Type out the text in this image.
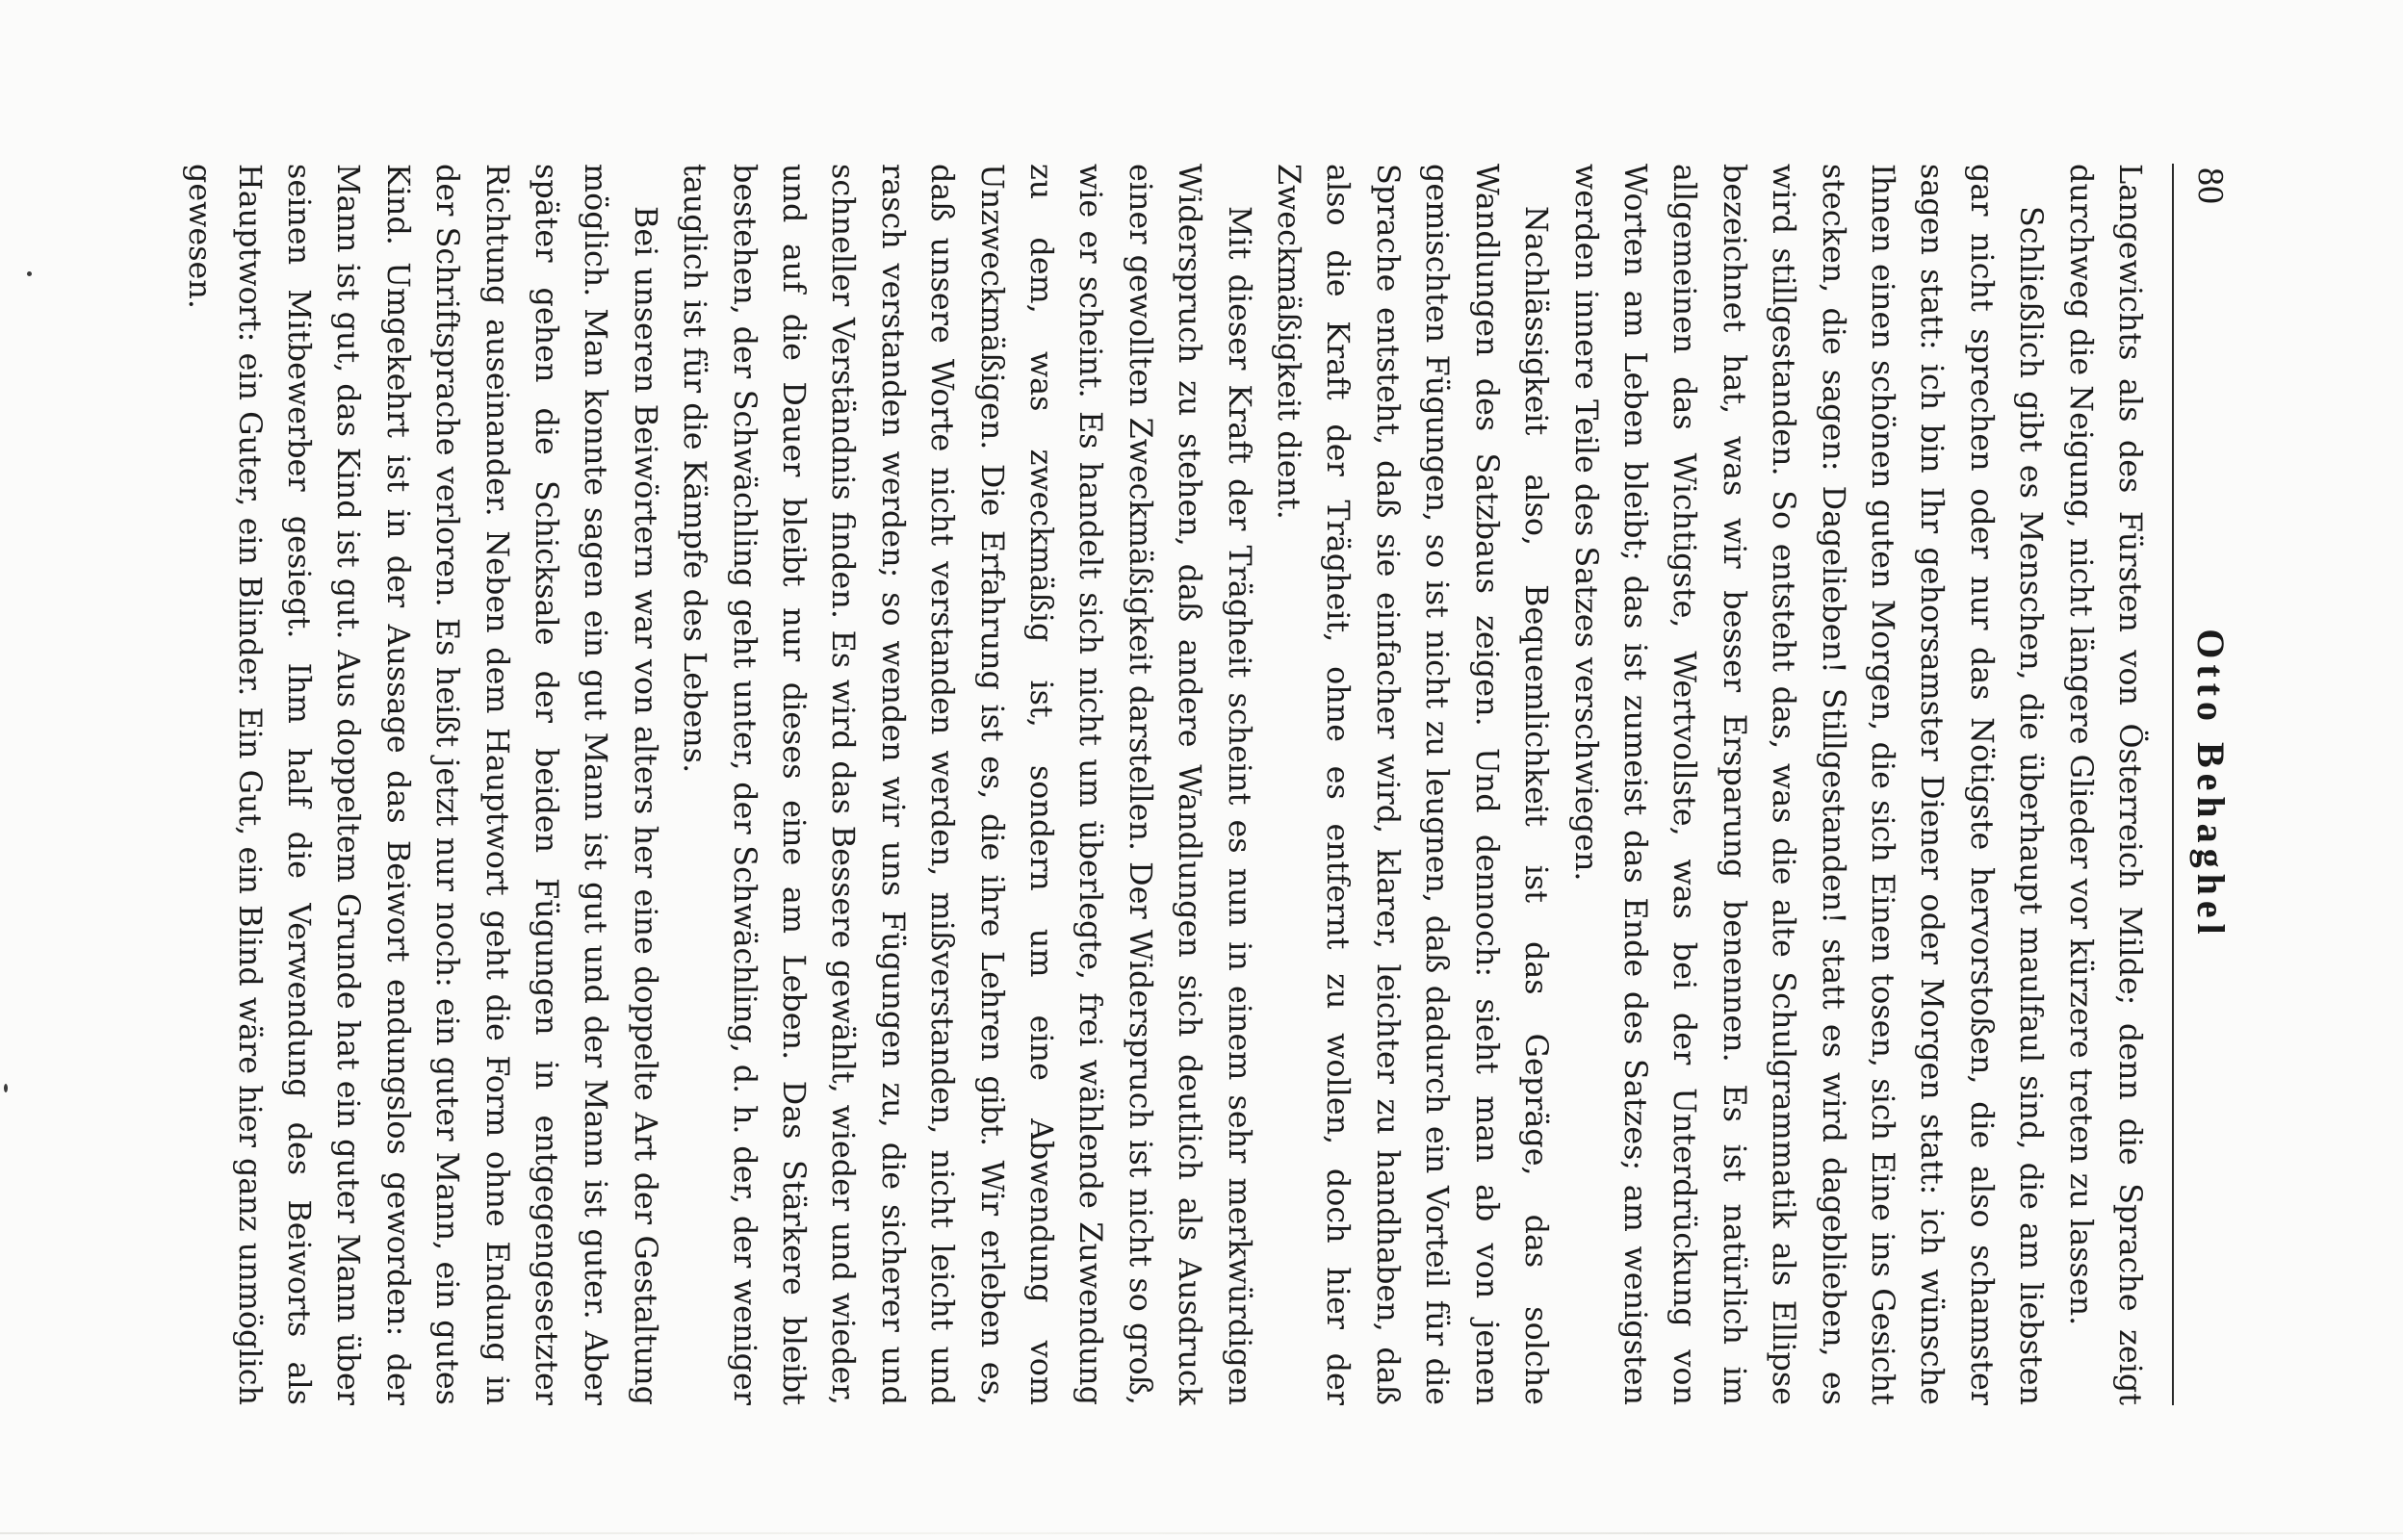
80
Otto Behaghel

Langewichts als des Fürsten von Österreich Milde; denn die Sprache zeigt durchweg die Neigung, nicht längere Glieder vor kürzere treten zu lassen.

Schließlich gibt es Menschen, die überhaupt maulfaul sind, die am liebsten gar nicht sprechen oder nur das Nötigste hervorstoßen, die also schamster sagen statt: ich bin Ihr gehorsamster Diener oder Morgen statt: ich wünsche Ihnen einen schönen guten Morgen, die sich Einen tosen, sich Eine ins Gesicht stecken, die sagen: Dagelieben! Stillgestanden! statt es wird dageblieben, es wird stillgestanden. So entsteht das, was die alte Schulgrammatik als Ellipse bezeichnet hat, was wir besser Ersparung benennen. Es ist natürlich im allgemeinen das Wichtigste, Wertvollste, was bei der Unterdrückung von Worten am Leben bleibt; das ist zumeist das Ende des Satzes; am wenigsten werden innere Teile des Satzes verschwiegen.

Nachlässigkeit also, Bequemlichkeit ist das Gepräge, das solche Wandlungen des Satzbaus zeigen. Und dennoch: sieht man ab von jenen gemischten Fügungen, so ist nicht zu leugnen, daß dadurch ein Vorteil für die Sprache entsteht, daß sie einfacher wird, klarer, leichter zu handhaben, daß also die Kraft der Trägheit, ohne es entfernt zu wollen, doch hier der Zweckmäßigkeit dient.

Mit dieser Kraft der Trägheit scheint es nun in einem sehr merkwürdigen Widerspruch zu stehen, daß andere Wandlungen sich deutlich als Ausdruck einer gewollten Zweckmäßigkeit darstellen. Der Widerspruch ist nicht so groß, wie er scheint. Es handelt sich nicht um überlegte, frei wählende Zuwendung zu dem, was zweckmäßig ist, sondern um eine Abwendung vom Unzweckmäßigen. Die Erfahrung ist es, die ihre Lehren gibt. Wir erleben es, daß unsere Worte nicht verstanden werden, mißverstanden, nicht leicht und rasch verstanden werden; so wenden wir uns Fügungen zu, die sicherer und schneller Verständnis finden. Es wird das Bessere gewählt, wieder und wieder, und auf die Dauer bleibt nur dieses eine am Leben. Das Stärkere bleibt bestehen, der Schwächling geht unter, der Schwächling, d. h. der, der weniger tauglich ist für die Kämpfe des Lebens.

Bei unseren Beiwörtern war von alters her eine doppelte Art der Gestaltung möglich. Man konnte sagen ein gut Mann ist gut und der Mann ist guter. Aber später gehen die Schicksale der beiden Fügungen in entgegengesetzter Richtung auseinander. Neben dem Hauptwort geht die Form ohne Endung in der Schriftsprache verloren. Es heißt jetzt nur noch: ein guter Mann, ein gutes Kind. Umgekehrt ist in der Aussage das Beiwort endungslos geworden: der Mann ist gut, das Kind ist gut. Aus doppeltem Grunde hat ein guter Mann über seinen Mitbewerber gesiegt. Ihm half die Verwendung des Beiworts als Hauptwort: ein Guter, ein Blinder. Ein Gut, ein Blind wäre hier ganz unmöglich gewesen.
